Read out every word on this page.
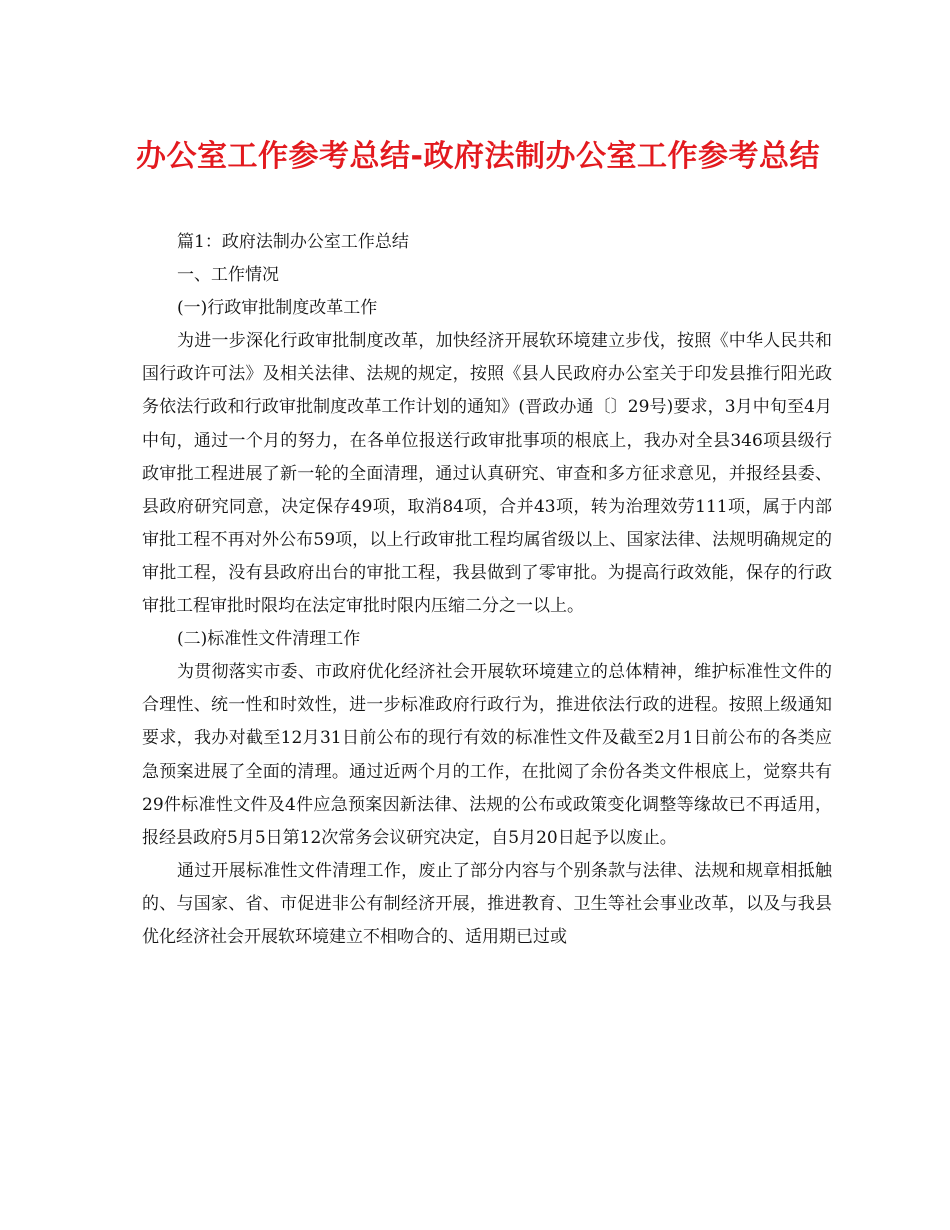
办公室工作参考总结-政府法制办公室工作参考总结

篇1：政府法制办公室工作总结

一、工作情况

(一)行政审批制度改革工作

为进一步深化行政审批制度改革，加快经济开展软环境建立步伐，按照《中华人民共和国行政许可法》及相关法律、法规的规定，按照《县人民政府办公室关于印发县推行阳光政务依法行政和行政审批制度改革工作计划的通知》(晋政办通〔〕29号)要求，3月中旬至4月中旬，通过一个月的努力，在各单位报送行政审批事项的根底上，我办对全县346项县级行政审批工程进展了新一轮的全面清理，通过认真研究、审查和多方征求意见，并报经县委、县政府研究同意，决定保存49项，取消84项，合并43项，转为治理效劳111项，属于内部审批工程不再对外公布59项，以上行政审批工程均属省级以上、国家法律、法规明确规定的审批工程，没有县政府出台的审批工程，我县做到了零审批。为提高行政效能，保存的行政审批工程审批时限均在法定审批时限内压缩二分之一以上。

(二)标准性文件清理工作

为贯彻落实市委、市政府优化经济社会开展软环境建立的总体精神，维护标准性文件的合理性、统一性和时效性，进一步标准政府行政行为，推进依法行政的进程。按照上级通知要求，我办对截至12月31日前公布的现行有效的标准性文件及截至2月1日前公布的各类应急预案进展了全面的清理。通过近两个月的工作，在批阅了余份各类文件根底上，觉察共有29件标准性文件及4件应急预案因新法律、法规的公布或政策变化调整等缘故已不再适用，报经县政府5月5日第12次常务会议研究决定，自5月20日起予以废止。

通过开展标准性文件清理工作，废止了部分内容与个别条款与法律、法规和规章相抵触的、与国家、省、市促进非公有制经济开展，推进教育、卫生等社会事业改革，以及与我县优化经济社会开展软环境建立不相吻合的、适用期已过或
